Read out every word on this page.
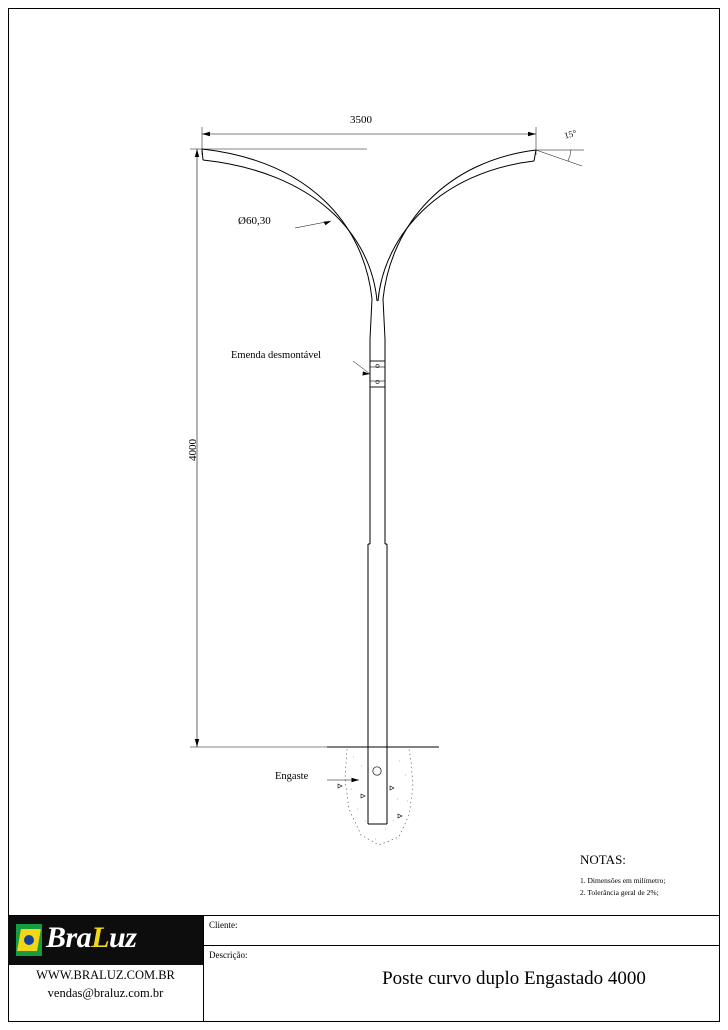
3500
4000
Ø60,30
15°
Emenda desmontável
Engaste
NOTAS:
1. Dimensões em milímetro;
2. Tolerância geral de 2%;
BraLuz
WWW.BRALUZ.COM.BR
vendas@braluz.com.br
Cliente:
Descrição:
Poste curvo duplo Engastado 4000
